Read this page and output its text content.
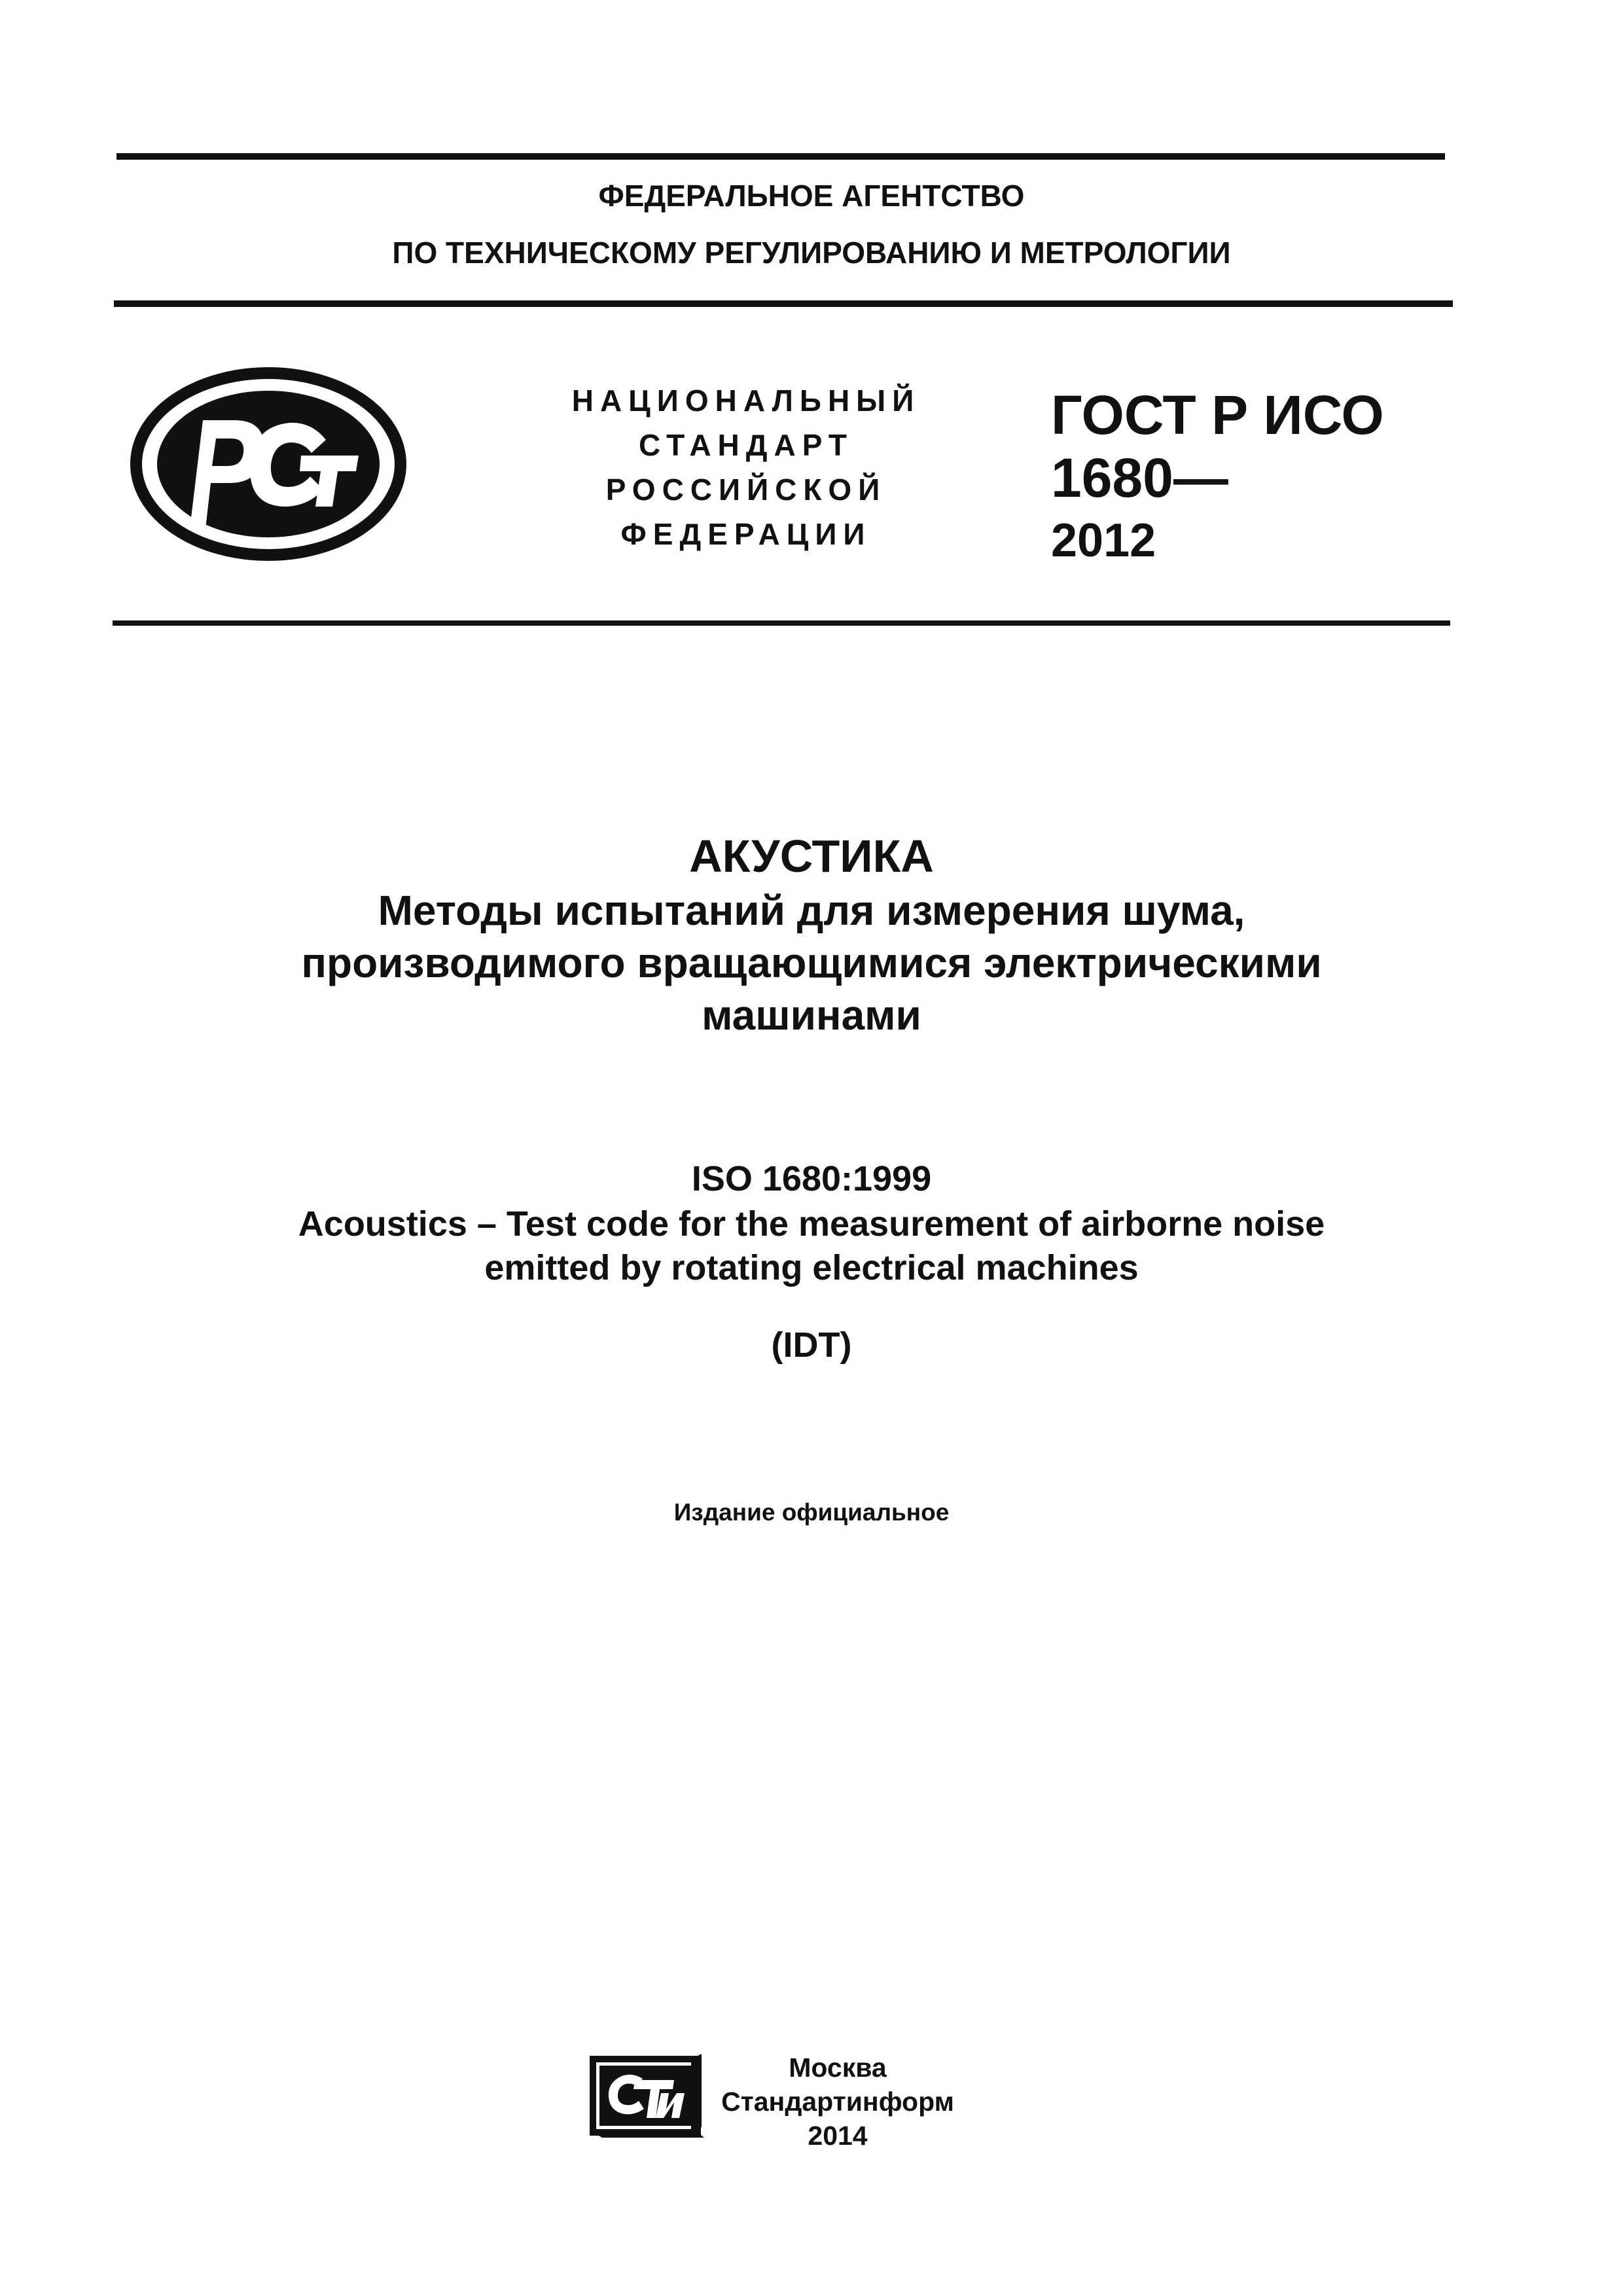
ФЕДЕРАЛЬНОЕ АГЕНТСТВО
ПО ТЕХНИЧЕСКОМУ РЕГУЛИРОВАНИЮ И МЕТРОЛОГИИ
НАЦИОНАЛЬНЫЙ
СТАНДАРТ
РОССИЙСКОЙ
ФЕДЕРАЦИИ
ГОСТ Р ИСО
1680—
2012
АКУСТИКА
Методы испытаний для измерения шума,
производимого вращающимися электрическими
машинами
ISO 1680:1999
Acoustics – Test code for the measurement of airborne noise
emitted by rotating electrical machines
(IDT)
Издание официальное
Москва
Стандартинформ
2014
